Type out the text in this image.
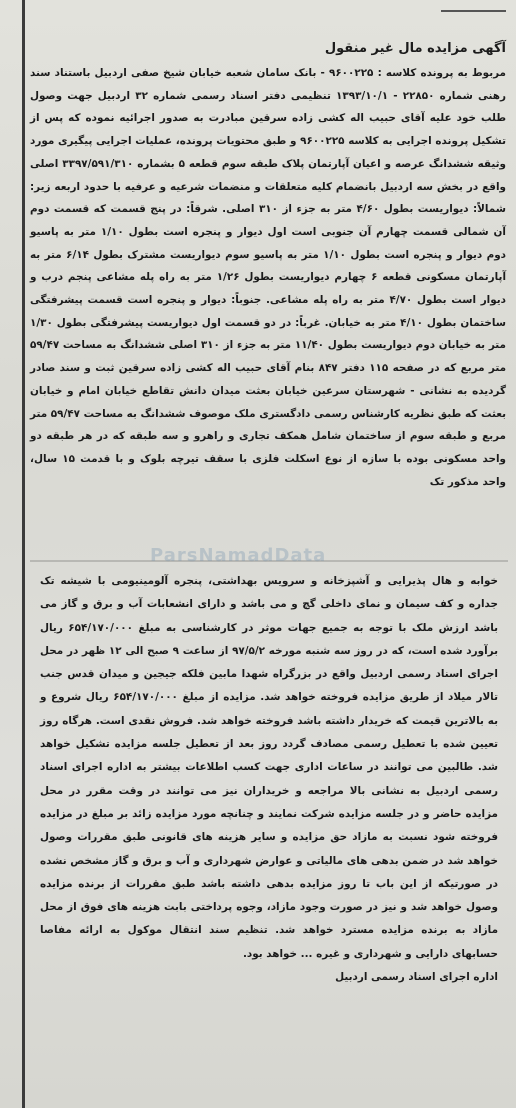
آگهی مزایده مال غیر منقول

مربوط به پرونده کلاسه : ۹۶۰۰۲۲۵ - بانک سامان شعبه خیابان شیخ صفی اردبیل باستناد سند رهنی شماره ۲۲۸۵۰ - ۱۳۹۳/۱۰/۱ تنظیمی دفتر اسناد رسمی شماره ۳۲ اردبیل جهت وصول طلب خود علیه آقای حبیب اله کشی زاده سرقین مبادرت به صدور اجرائیه نموده که پس از تشکیل پرونده اجرایی به کلاسه ۹۶۰۰۲۲۵ و طبق محتویات پرونده، عملیات اجرایی پیگیری مورد وثیقه ششدانگ عرصه و اعیان آپارتمان پلاک طبقه سوم قطعه ۵ بشماره ۳۳۹۷/۵۹۱/۳۱۰ اصلی واقع در بخش سه اردبیل بانضمام کلیه متعلقات و منضمات شرعیه و عرفیه با حدود اربعه زیر: شمالاً: دیواریست بطول ۴/۶۰ متر به جزء از ۳۱۰ اصلی. شرقاً: در پنج قسمت که قسمت دوم آن شمالی قسمت چهارم آن جنوبی است اول دیوار و پنجره است بطول ۱/۱۰ متر به پاسیو دوم دیوار و پنجره است بطول ۱/۱۰ متر به پاسیو سوم دیواریست مشترک بطول ۶/۱۴ متر به آپارتمان مسکونی قطعه ۶ چهارم دیواریست بطول ۱/۲۶ متر به راه پله مشاعی پنجم درب و دیوار است بطول ۴/۷۰ متر به راه پله مشاعی. جنوباً: دیوار و پنجره است قسمت پیشرفتگی ساختمان بطول ۴/۱۰ متر به خیابان. غرباً: در دو قسمت اول دیواریست پیشرفتگی بطول ۱/۳۰ متر به خیابان دوم دیواریست بطول ۱۱/۴۰ متر به جزء از ۳۱۰ اصلی ششدانگ به مساحت ۵۹/۴۷ متر مربع که در صفحه ۱۱۵ دفتر ۸۴۷ بنام آقای حبیب اله کشی زاده سرقین ثبت و سند صادر گردیده به نشانی - شهرستان سرعین خیابان بعثت میدان دانش تقاطع خیابان امام و خیابان بعثت که طبق نظریه کارشناس رسمی دادگستری ملک موصوف ششدانگ به مساحت ۵۹/۴۷ متر مربع و طبقه سوم از ساختمان شامل همکف تجاری و راهرو و سه طبقه که در هر طبقه دو واحد مسکونی بوده با سازه از نوع اسکلت فلزی با سقف تیرچه بلوک و با قدمت ۱۵ سال، واحد مذکور تک

ParsNamadData

خوابه و هال پذیرایی و آشپزخانه و سرویس بهداشتی، پنجره آلومینیومی با شیشه تک جداره و کف سیمان و نمای داخلی گچ و می باشد و دارای انشعابات آب و برق و گاز می باشد ارزش ملک با توجه به جمیع جهات موثر در کارشناسی به مبلغ ۶۵۴/۱۷۰/۰۰۰ ریال برآورد شده است، که در روز سه شنبه مورخه ۹۷/۵/۲ از ساعت ۹ صبح الی ۱۲ ظهر در محل اجرای اسناد رسمی اردبیل واقع در بزرگراه شهدا مابین فلکه جیجین و میدان قدس جنب تالار میلاد از طریق مزایده فروخته خواهد شد. مزایده از مبلغ ۶۵۴/۱۷۰/۰۰۰ ریال شروع و به بالاترین قیمت که خریدار داشته باشد فروخته خواهد شد. فروش نقدی است. هرگاه روز تعیین شده با تعطیل رسمی مصادف گردد روز بعد از تعطیل جلسه مزایده تشکیل خواهد شد. طالبین می توانند در ساعات اداری جهت کسب اطلاعات بیشتر به اداره اجرای اسناد رسمی اردبیل به نشانی بالا مراجعه و خریداران نیز می توانند در وقت مقرر در محل مزایده حاضر و در جلسه مزایده شرکت نمایند و چنانچه مورد مزایده زائد بر مبلغ در مزایده فروخته شود نسبت به مازاد حق مزایده و سایر هزینه های قانونی طبق مقررات وصول خواهد شد در ضمن بدهی های مالیاتی و عوارض شهرداری و آب و برق و گاز مشخص نشده در صورتیکه از این باب تا روز مزایده بدهی داشته باشد طبق مقررات از برنده مزایده وصول خواهد شد و نیز در صورت وجود مازاد، وجوه پرداختی بابت هزینه های فوق از محل مازاد به برنده مزایده مسترد خواهد شد. تنظیم سند انتقال موکول به ارائه مفاصا حسابهای دارایی و شهرداری و غیره ... خواهد بود.

اداره اجرای اسناد رسمی اردبیل
